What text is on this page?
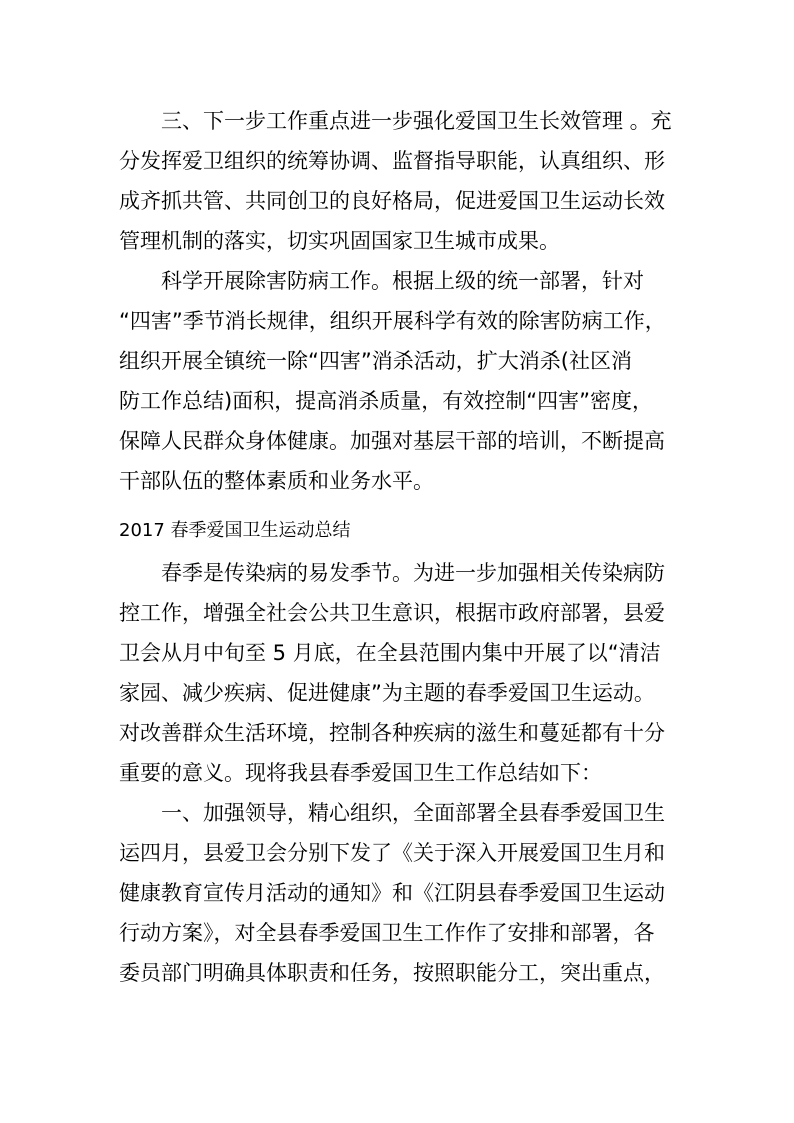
三、下一步工作重点进一步强化爱国卫生长效管理 。充
分发挥爱卫组织的统筹协调、监督指导职能，认真组织、形
成齐抓共管、共同创卫的良好格局，促进爱国卫生运动长效
管理机制的落实，切实巩固国家卫生城市成果。
科学开展除害防病工作。根据上级的统一部署，针对
“四害”季节消长规律，组织开展科学有效的除害防病工作，
组织开展全镇统一除“四害”消杀活动，扩大消杀(社区消
防工作总结)面积，提高消杀质量，有效控制“四害”密度，
保障人民群众身体健康。加强对基层干部的培训，不断提高
干部队伍的整体素质和业务水平。
2017 春季爱国卫生运动总结
春季是传染病的易发季节。为进一步加强相关传染病防
控工作，增强全社会公共卫生意识，根据市政府部署，县爱
卫会从月中旬至 5 月底，在全县范围内集中开展了以“清洁
家园、减少疾病、促进健康”为主题的春季爱国卫生运动。
对改善群众生活环境，控制各种疾病的滋生和蔓延都有十分
重要的意义。现将我县春季爱国卫生工作总结如下：
一、加强领导，精心组织，全面部署全县春季爱国卫生
运四月，县爱卫会分别下发了《关于深入开展爱国卫生月和
健康教育宣传月活动的通知》和《江阴县春季爱国卫生运动
行动方案》，对全县春季爱国卫生工作作了安排和部署，各
委员部门明确具体职责和任务，按照职能分工，突出重点，
